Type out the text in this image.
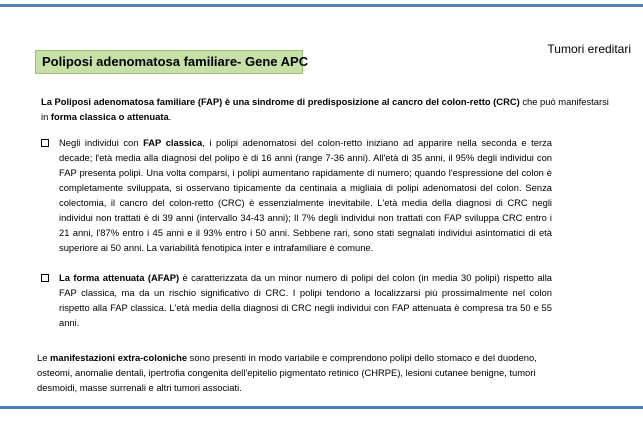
Poliposi adenomatosa familiare- Gene APC
Tumori ereditari
La Poliposi adenomatosa familiare (FAP) è una sindrome di predisposizione al cancro del colon-retto (CRC) che può manifestarsi in forma classica o attenuata.
Negli individui con FAP classica, i polipi adenomatosi del colon-retto iniziano ad apparire nella seconda e terza decade; l'età media alla diagnosi del polipo è di 16 anni (range 7-36 anni). All'età di 35 anni, il 95% degli individui con FAP presenta polipi. Una volta comparsi, i polipi aumentano rapidamente di numero; quando l'espressione del colon è completamente sviluppata, si osservano tipicamente da centinaia a migliaia di polipi adenomatosi del colon. Senza colectomia, il cancro del colon-retto (CRC) è essenzialmente inevitabile. L'età media della diagnosi di CRC negli individui non trattati è di 39 anni (intervallo 34-43 anni); Il 7% degli individui non trattati con FAP sviluppa CRC entro i 21 anni, l'87% entro i 45 anni e il 93% entro i 50 anni. Sebbene rari, sono stati segnalati individui asintomatici di età superiore ai 50 anni. La variabilità fenotipica inter e intrafamiliare è comune.
La forma attenuata (AFAP) è caratterizzata da un minor numero di polipi del colon (in media 30 polipi) rispetto alla FAP classica, ma da un rischio significativo di CRC. I polipi tendono a localizzarsi più prossimalmente nel colon rispetto alla FAP classica. L'età media della diagnosi di CRC negli individui con FAP attenuata è compresa tra 50 e 55 anni.
Le manifestazioni extra-coloniche sono presenti in modo variabile e comprendono polipi dello stomaco e del duodeno, osteomi, anomalie dentali, ipertrofia congenita dell'epitelio pigmentato retinico (CHRPE), lesioni cutanee benigne, tumori desmoidi, masse surrenali e altri tumori associati.
